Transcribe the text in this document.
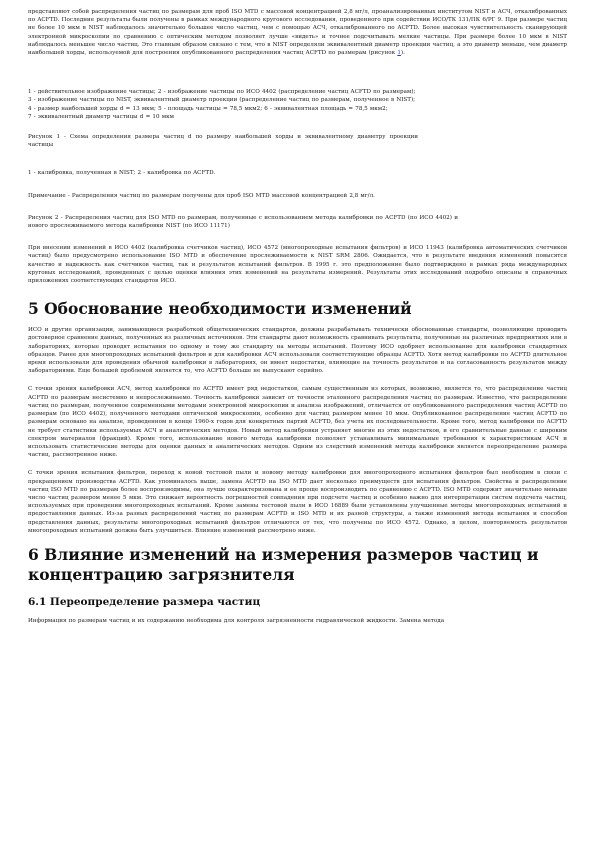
представляют собой распределения частиц по размерам для проб ISO MTD с массовой концентрацией 2,8 мг/л, проанализированных институтом NIST и АСЧ, откалиброванных по ACFTD. Последние результаты были получены в рамках международного кругового исследования, проведенного при содействии ИСО/ТК 131/ПК 6/РГ 9. При размере частиц не более 10 мкм в NIST наблюдалось значительно большее число частиц, чем с помощью АСЧ, откалиброванного по ACFTD. Более высокая чувствительность сканирующей электронной микроскопии по сравнению с оптическим методом позволяет лучше «видеть» и точнее подсчитывать мелкие частицы. При размере более 10 мкм в NIST наблюдалось меньшее число частиц. Это главным образом связано с тем, что в NIST определяли эквивалентный диаметр проекции частиц, а это диаметр меньше, чем диаметр наибольшей хорды, используемой для построения опубликованного распределения частиц ACFTD по размерам (рисунок 1).

1 - действительное изображение частицы; 2 - изображение частицы по ИСО 4402 (распределение частиц ACFTD по размерам);

3 - изображение частицы по NIST, эквивалентный диаметр проекции (распределение частиц по размерам, полученное в NIST);

4 - размер наибольшей хорды d = 13 мкм; 5 - площадь частицы = 78,5 мкм2; 6 - эквивалентная площадь = 78,5 мкм2;

7 - эквивалентный диаметр частицы d = 10 мкм

Рисунок 1 - Схема определения размера частиц d по размеру наибольшей хорды и эквивалентному диаметру проекции частицы

1 - калибровка, полученная в NIST; 2 - калибровка по ACFTD.

Примечание - Распределения частиц по размерам получены для проб ISO MTD массовой концентрацией 2,8 мг/л.

Рисунок 2 - Распределения частиц для ISO MTD по размерам, полученные с использованием метода калибровки по ACFTD (по ИСО 4402) и нового прослеживаемого метода калибровки NIST (по ИСО 11171)

При внесении изменений в ИСО 4402 (калибровка счетчиков частиц), ИСО 4572 (многопроходные испытания фильтров) и ИСО 11943 (калибровка автоматических счетчиков частиц) было предусмотрено использование ISO MTD и обеспечение прослеживаемости к NIST SRM 2806. Ожидается, что в результате введения изменений повысятся качество и надежность как счетчиков частиц, так и результатов испытаний фильтров. В 1995 г. это предположение было подтверждено в рамках ряда международных круговых исследований, проведенных с целью оценки влияния этих изменений на результаты измерений. Результаты этих исследований подробно описаны в справочных приложениях соответствующих стандартов ИСО.

5 Обоснование необходимости изменений

ИСО и другие организации, занимающиеся разработкой общетехнических стандартов, должны разрабатывать технически обоснованные стандарты, позволяющие проводить достоверное сравнение данных, полученных из различных источников. Эти стандарты дают возможность сравнивать результаты, полученные на различных предприятиях или в лабораториях, которые проводят испытания по одному и тому же стандарту на методы испытаний. Поэтому ИСО одобряет использование для калибровки стандартных образцов. Ранее для многопроходных испытаний фильтров и для калибровки АСЧ использовали соответствующие образцы ACFTD. Хотя метод калибровки по ACFTD длительное время использовали для проведения обычной калибровки в лабораториях, он имеет недостатки, влияющие на точность результатов и на согласованность результатов между лабораториями. Еще большей проблемой является то, что ACFTD больше не выпускают серийно.

С точки зрения калибровки АСЧ, метод калибровки по ACFTD имеет ряд недостатков, самым существенным из которых, возможно, является то, что распределение частиц ACFTD по размерам несистемно и непрослеживаемо. Точность калибровки зависит от точности эталонного распределения частиц по размерам. Известно, что распределение частиц по размерам, полученное современными методами электронной микроскопии и анализа изображений, отличается от опубликованного распределения частиц ACFTD по размерам (по ИСО 4402), полученного методами оптической микроскопии, особенно для частиц размером менее 10 мкм. Опубликованное распределение частиц ACFTD по размерам основано на анализе, проведенном в конце 1960-х годов для конкретных партий ACFTD, без учета их последовательности. Кроме того, метод калибровки по ACFTD не требует статистики используемых АСЧ и аналитических методов. Новый метод калибровки устраняет многие из этих недостатков, и его сравнительные данные с широким спектром материалов (фракций). Кроме того, использование нового метода калибровки позволяет устанавливать минимальные требования к характеристикам АСЧ и использовать статистические методы для оценки данных и аналитических методов. Одним из следствий изменений метода калибровки является переопределение размера частиц, рассмотренное ниже.

С точки зрения испытания фильтров, переход к новой тестовой пыли и новому методу калибровки для многопроходного испытания фильтров был необходим в связи с прекращением производства ACFTD. Как упоминалось выше, замена ACFTD на ISO MTD дает несколько преимуществ для испытания фильтров. Свойства и распределение частиц ISO MTD по размерам более воспроизводимы, она лучше охарактеризована и ее проще воспроизводить по сравнению с ACFTD. ISO MTD содержит значительно меньше число частиц размером менее 5 мкм. Это снижает вероятность погрешностей совпадения при подсчете частиц и особенно важно для интерпретации систем подсчета частиц, используемых при проведении многопроходных испытаний. Кроме замены тестовой пыли в ИСО 16889 были установлены улучшенные методы многопроходных испытаний и предоставления данных. Из-за разных распределений частиц по размерам ACFTD и ISO MTD и их разной структуры, а также изменений метода испытания и способов представления данных, результаты многопроходных испытаний фильтров отличаются от тех, что получены по ИСО 4572. Однако, в целом, повторяемость результатов многопроходных испытаний должна быть улучшиться. Влияние изменений рассмотрено ниже.

6 Влияние изменений на измерения размеров частиц и концентрацию загрязнителя
6.1 Переопределение размера частиц

Информация по размерам частиц и их содержанию необходима для контроля загрязненности гидравлической жидкости. Замена метода
